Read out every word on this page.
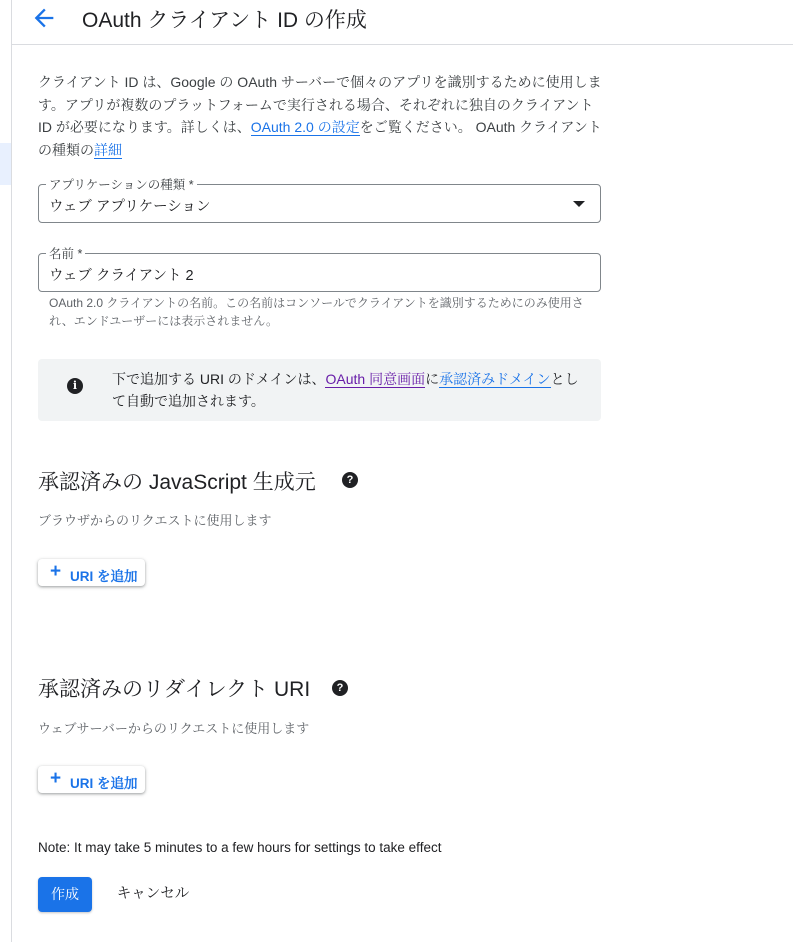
OAuth クライアント ID の作成
クライアント ID は、Google の OAuth サーバーで個々のアプリを識別するために使用します。アプリが複数のプラットフォームで実行される場合、それぞれに独自のクライアント ID が必要になります。詳しくは、OAuth 2.0 の設定をご覧ください。 OAuth クライアントの種類の詳細
アプリケーションの種類 *
ウェブ アプリケーション
名前 *
ウェブ クライアント 2
OAuth 2.0 クライアントの名前。この名前はコンソールでクライアントを識別するためにのみ使用され、エンドユーザーには表示されません。
i	下で追加する URI のドメインは、OAuth 同意画面に承認済みドメインとして自動で追加されます。
承認済みの JavaScript 生成元	?
ブラウザからのリクエストに使用します
+ URI を追加
承認済みのリダイレクト URI	?
ウェブサーバーからのリクエストに使用します
+ URI を追加
Note: It may take 5 minutes to a few hours for settings to take effect
作成	キャンセル
